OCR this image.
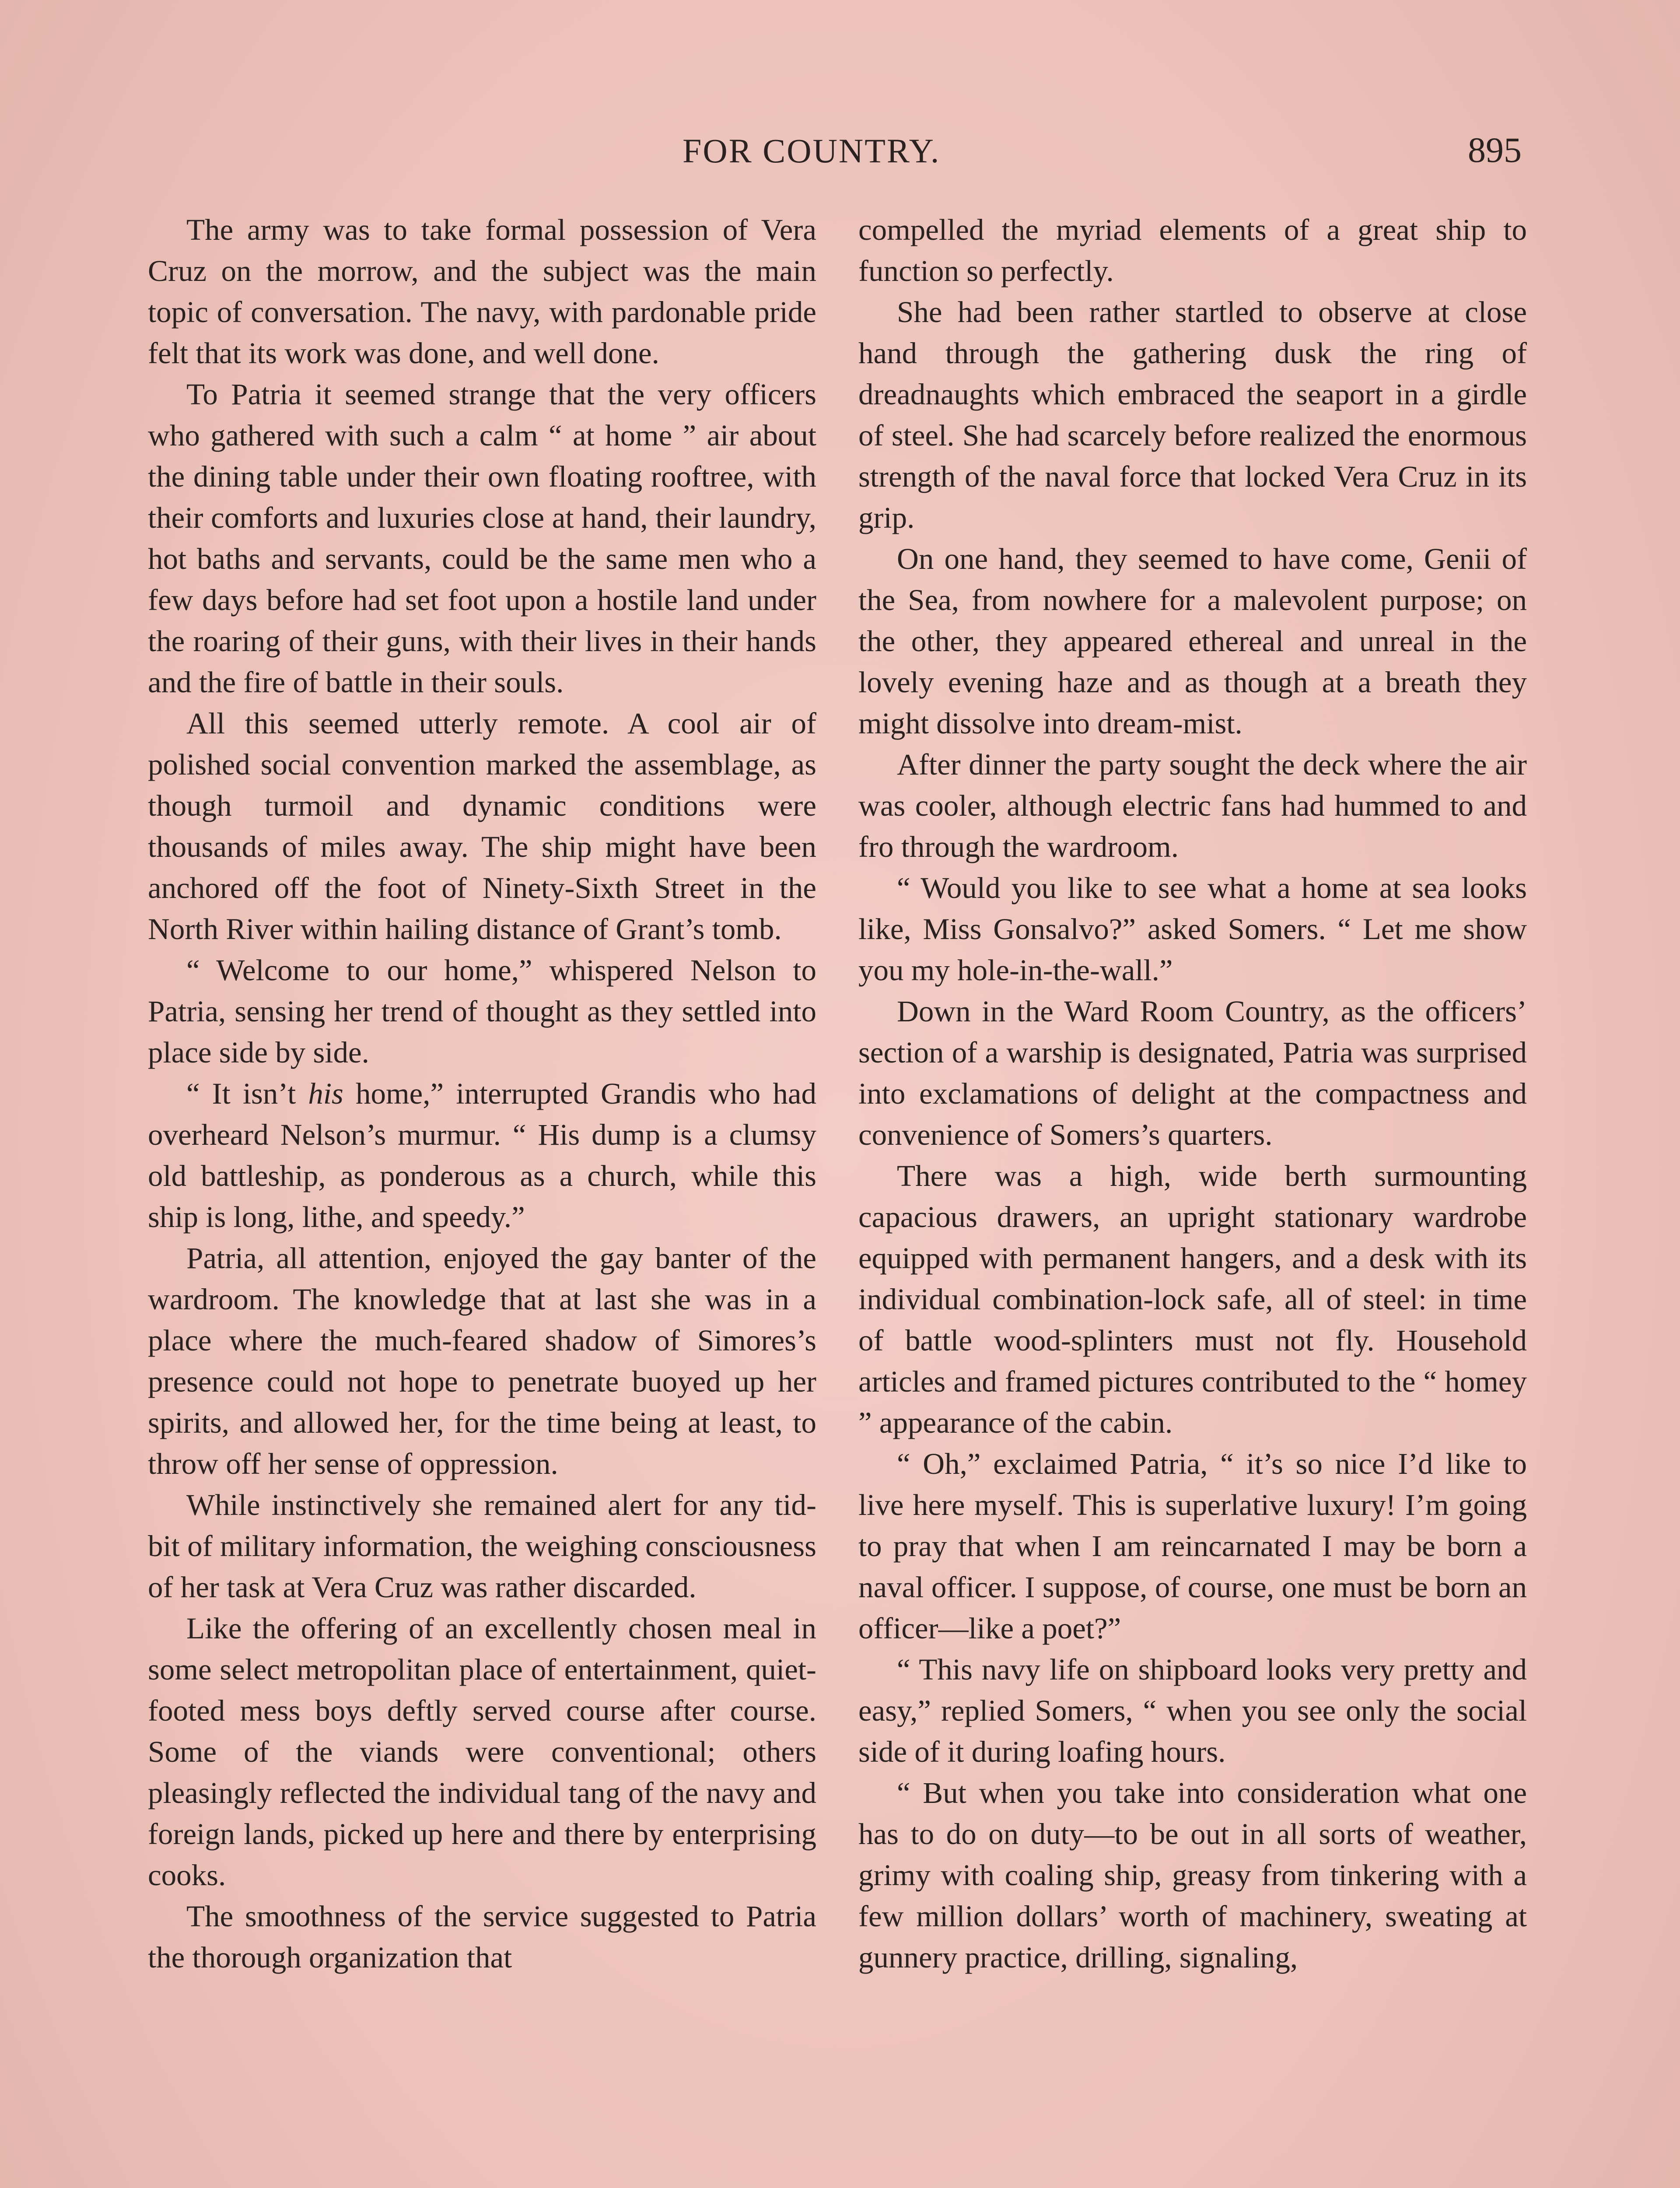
FOR COUNTRY.	895

The army was to take formal possession of Vera Cruz on the morrow, and the subject was the main topic of conversation. The navy, with pardonable pride felt that its work was done, and well done.

To Patria it seemed strange that the very officers who gathered with such a calm “ at home ” air about the dining table under their own floating rooftree, with their comforts and luxuries close at hand, their laundry, hot baths and servants, could be the same men who a few days before had set foot upon a hostile land under the roaring of their guns, with their lives in their hands and the fire of battle in their souls.

All this seemed utterly remote. A cool air of polished social convention marked the assemblage, as though turmoil and dynamic conditions were thousands of miles away. The ship might have been anchored off the foot of Ninety-Sixth Street in the North River within hailing distance of Grant’s tomb.

“ Welcome to our home,” whispered Nelson to Patria, sensing her trend of thought as they settled into place side by side.

“ It isn’t his home,” interrupted Grandis who had overheard Nelson’s murmur. “ His dump is a clumsy old battleship, as ponderous as a church, while this ship is long, lithe, and speedy.”

Patria, all attention, enjoyed the gay banter of the wardroom. The knowledge that at last she was in a place where the much-feared shadow of Simores’s presence could not hope to penetrate buoyed up her spirits, and allowed her, for the time being at least, to throw off her sense of oppression.

While instinctively she remained alert for any tid-bit of military information, the weighing consciousness of her task at Vera Cruz was rather discarded.

Like the offering of an excellently chosen meal in some select metropolitan place of entertainment, quiet-footed mess boys deftly served course after course. Some of the viands were conventional; others pleasingly reflected the individual tang of the navy and foreign lands, picked up here and there by enterprising cooks.

The smoothness of the service suggested to Patria the thorough organization that

compelled the myriad elements of a great ship to function so perfectly.

She had been rather startled to observe at close hand through the gathering dusk the ring of dreadnaughts which embraced the seaport in a girdle of steel. She had scarcely before realized the enormous strength of the naval force that locked Vera Cruz in its grip.

On one hand, they seemed to have come, Genii of the Sea, from nowhere for a malevolent purpose; on the other, they appeared ethereal and unreal in the lovely evening haze and as though at a breath they might dissolve into dream-mist.

After dinner the party sought the deck where the air was cooler, although electric fans had hummed to and fro through the wardroom.

“ Would you like to see what a home at sea looks like, Miss Gonsalvo?” asked Somers. “ Let me show you my hole-in-the-wall.”

Down in the Ward Room Country, as the officers’ section of a warship is designated, Patria was surprised into exclamations of delight at the compactness and convenience of Somers’s quarters.

There was a high, wide berth surmounting capacious drawers, an upright stationary wardrobe equipped with permanent hangers, and a desk with its individual combination-lock safe, all of steel: in time of battle wood-splinters must not fly. Household articles and framed pictures contributed to the “ homey ” appearance of the cabin.

“ Oh,” exclaimed Patria, “ it’s so nice I’d like to live here myself. This is superlative luxury! I’m going to pray that when I am reincarnated I may be born a naval officer. I suppose, of course, one must be born an officer—like a poet?”

“ This navy life on shipboard looks very pretty and easy,” replied Somers, “ when you see only the social side of it during loafing hours.

“ But when you take into consideration what one has to do on duty—to be out in all sorts of weather, grimy with coaling ship, greasy from tinkering with a few million dollars’ worth of machinery, sweating at gunnery practice, drilling, signaling,
